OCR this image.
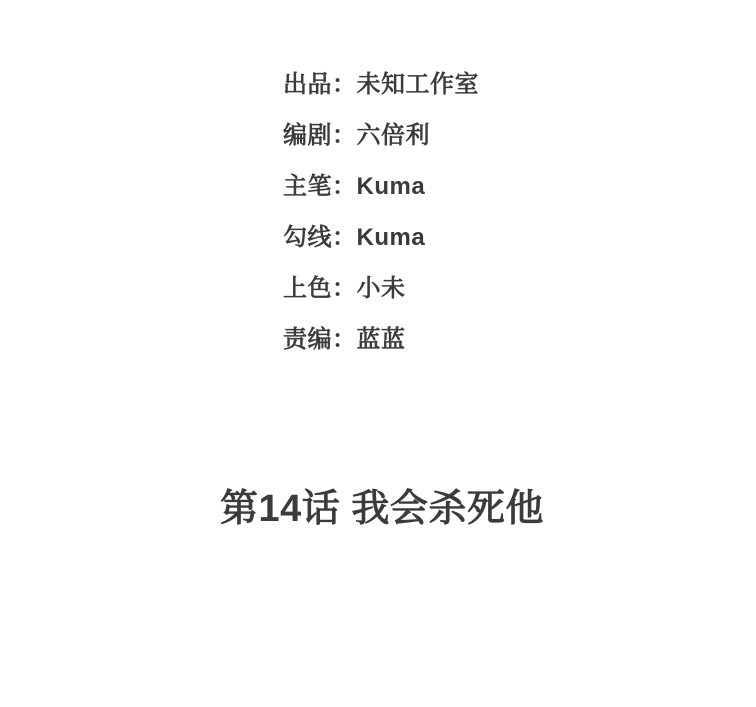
出品：未知工作室
编剧：六倍利
主笔：Kuma
勾线：Kuma
上色：小未
责编：蓝蓝
第14话 我会杀死他
